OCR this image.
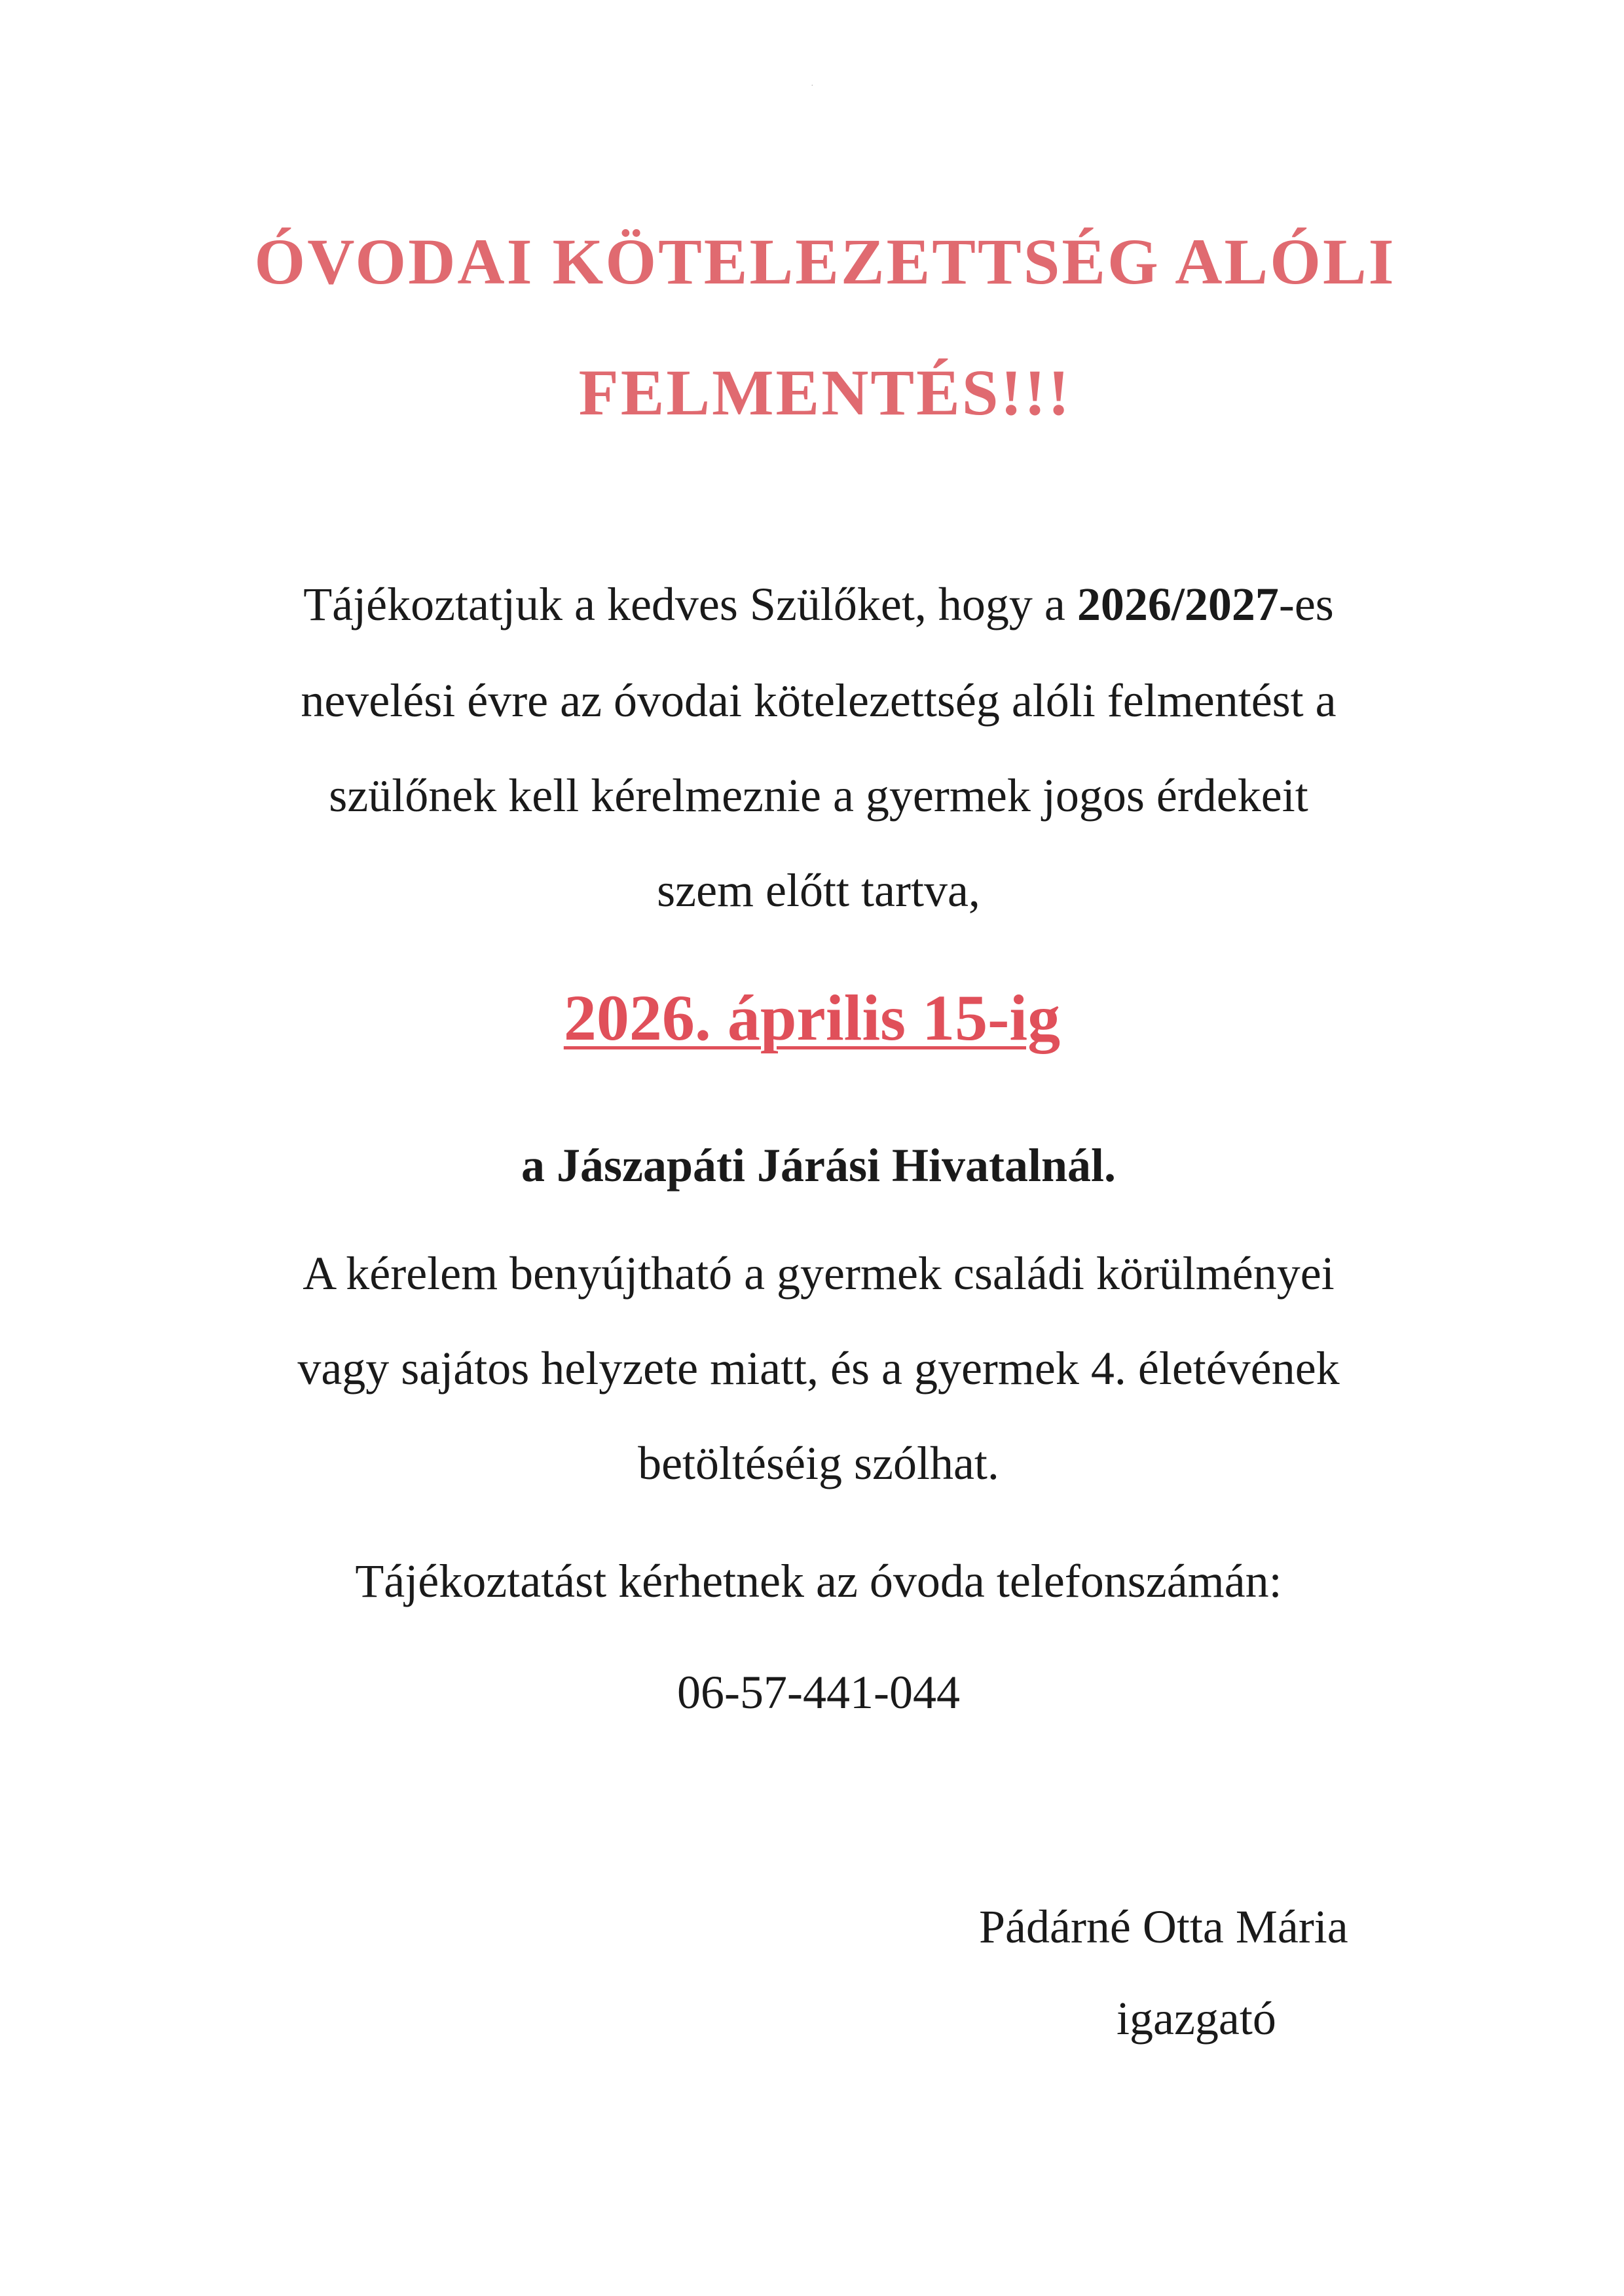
·
ÓVODAI KÖTELEZETTSÉG ALÓLI
FELMENTÉS!!!
Tájékoztatjuk a kedves Szülőket, hogy a 2026/2027-es
nevelési évre az óvodai kötelezettség alóli felmentést a
szülőnek kell kérelmeznie a gyermek jogos érdekeit
szem előtt tartva,
2026. április 15-ig
a Jászapáti Járási Hivatalnál.
A kérelem benyújtható a gyermek családi körülményei
vagy sajátos helyzete miatt, és a gyermek 4. életévének
betöltéséig szólhat.
Tájékoztatást kérhetnek az óvoda telefonszámán:
06-57-441-044
Pádárné Otta Mária
igazgató
